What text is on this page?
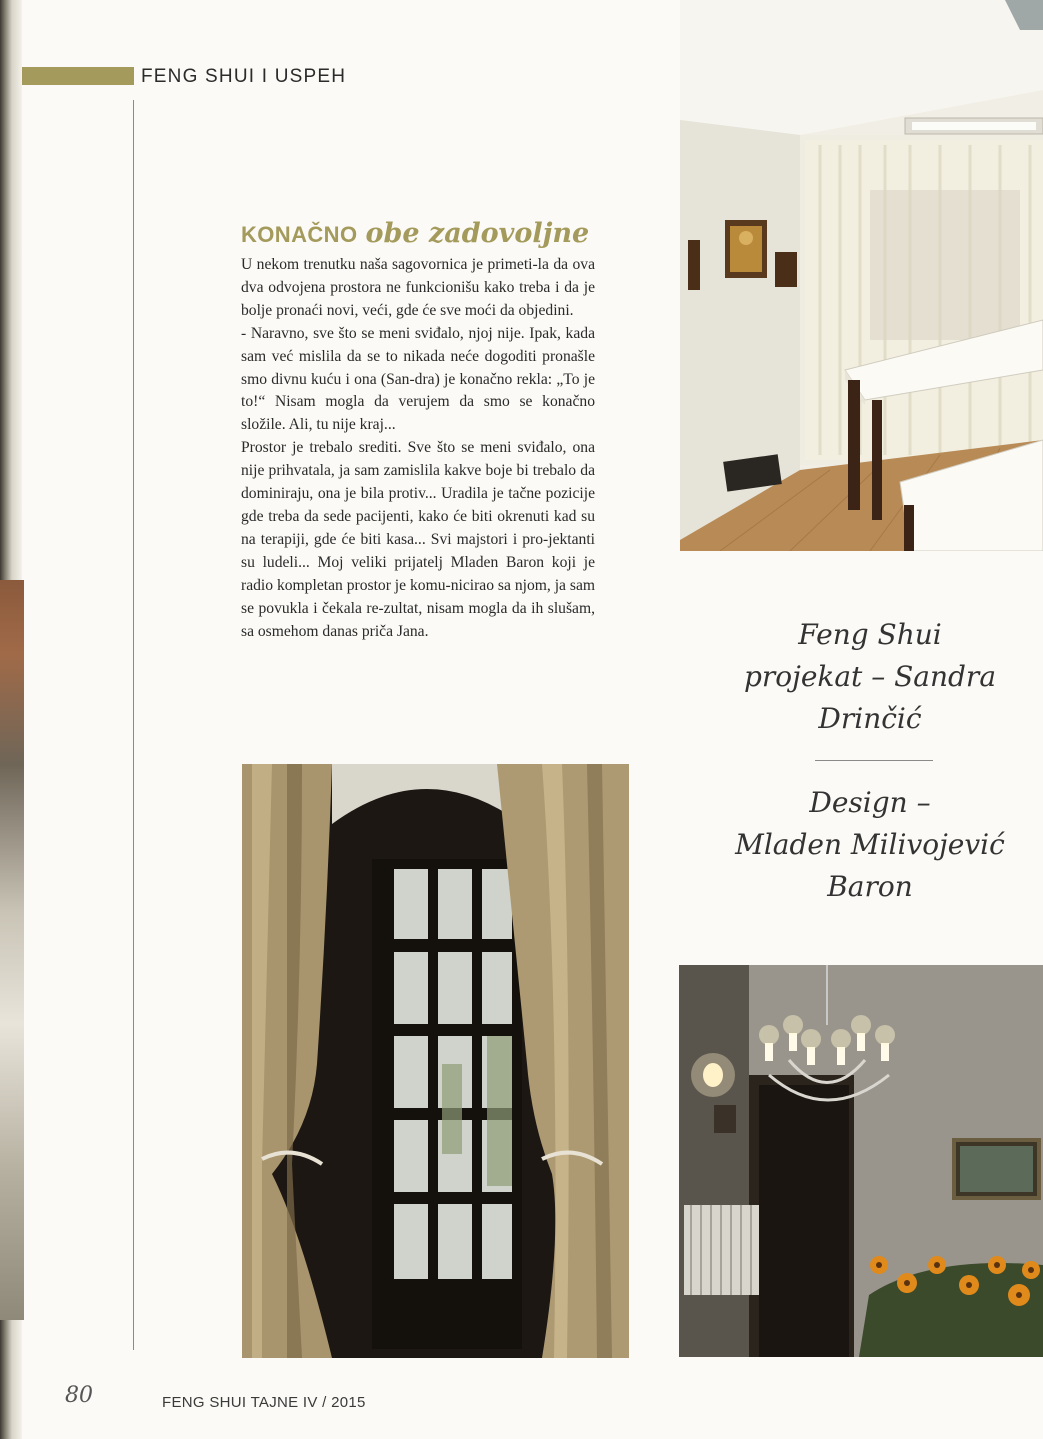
FENG SHUI I USPEH
KONAČNO obe zadovoljne

U nekom trenutku naša sagovornica je primeti-la da ova dva odvojena prostora ne funkcionišu kako treba i da je bolje pronaći novi, veći, gde će sve moći da objedini.

- Naravno, sve što se meni sviđalo, njoj nije. Ipak, kada sam već mislila da se to nikada neće dogoditi pronašle smo divnu kuću i ona (San-dra) je konačno rekla: „To je to!“ Nisam mogla da verujem da smo se konačno složile. Ali, tu nije kraj...

Prostor je trebalo srediti. Sve što se meni sviđalo, ona nije prihvatala, ja sam zamislila kakve boje bi trebalo da dominiraju, ona je bila protiv... Uradila je tačne pozicije gde treba da sede pacijenti, kako će biti okrenuti kad su na terapiji, gde će biti kasa... Svi majstori i pro-jektanti su ludeli... Moj veliki prijatelj Mladen Baron koji je radio kompletan prostor je komu-nicirao sa njom, ja sam se povukla i čekala re-zultat, nisam mogla da ih slušam, sa osmehom danas priča Jana.	Feng Shui
projekat – Sandra
Drinčić
Design –
Mladen Milivojević
Baron
80	FENG SHUI TAJNE IV / 2015
